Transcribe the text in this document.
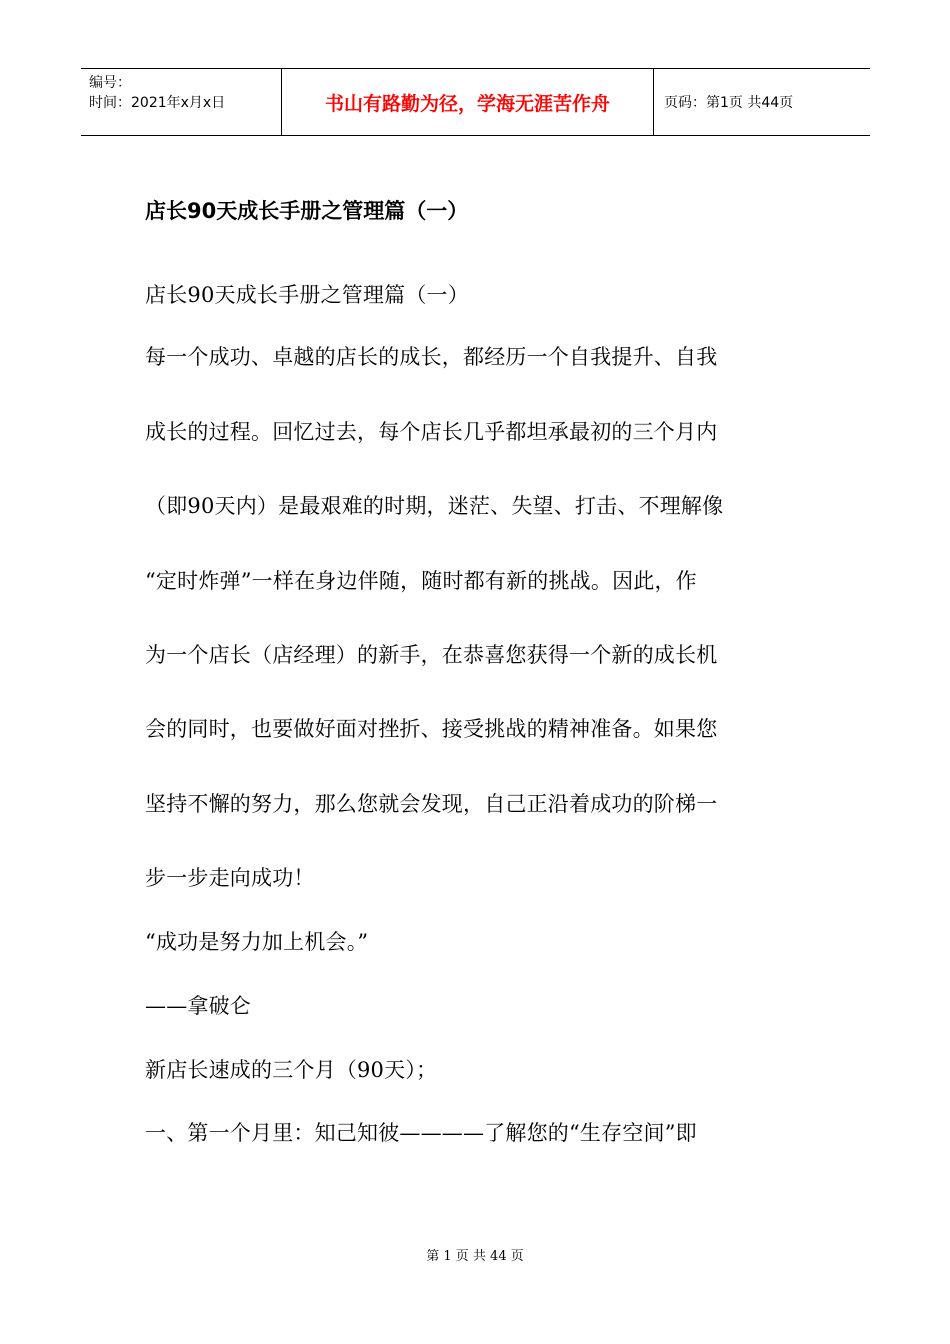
编号：
时间：2021年x月x日	书山有路勤为径，学海无涯苦作舟	页码：第1页 共44页
店长90天成长手册之管理篇（一）
店长90天成长手册之管理篇（一）
每一个成功、卓越的店长的成长，都经历一个自我提升、自我
成长的过程。回忆过去，每个店长几乎都坦承最初的三个月内
（即90天内）是最艰难的时期，迷茫、失望、打击、不理解像
“定时炸弹”一样在身边伴随，随时都有新的挑战。因此，作
为一个店长（店经理）的新手，在恭喜您获得一个新的成长机
会的同时，也要做好面对挫折、接受挑战的精神准备。如果您
坚持不懈的努力，那么您就会发现，自己正沿着成功的阶梯一
步一步走向成功！
“成功是努力加上机会。”
——拿破仑
新店长速成的三个月（90天）；
一、第一个月里：知己知彼————了解您的“生存空间”即
第 1 页 共 44 页
